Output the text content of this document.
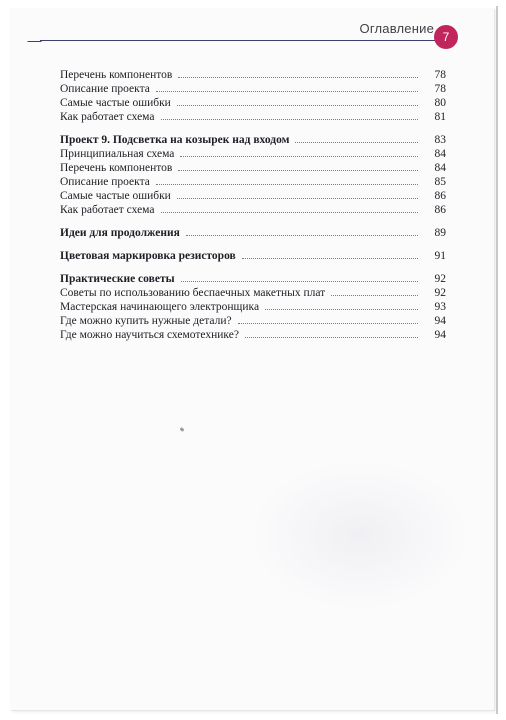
Оглавление
7
Перечень компонентов	78
Описание проекта	78
Самые частые ошибки	80
Как работает схема	81
Проект 9. Подсветка на козырек над входом	83
Принципиальная схема	84
Перечень компонентов	84
Описание проекта	85
Самые частые ошибки	86
Как работает схема	86
Идеи для продолжения	89
Цветовая маркировка резисторов	91
Практические советы	92
Советы по использованию беспаечных макетных плат	92
Мастерская начинающего электронщика	93
Где можно купить нужные детали?	94
Где можно научиться схемотехнике?	94
